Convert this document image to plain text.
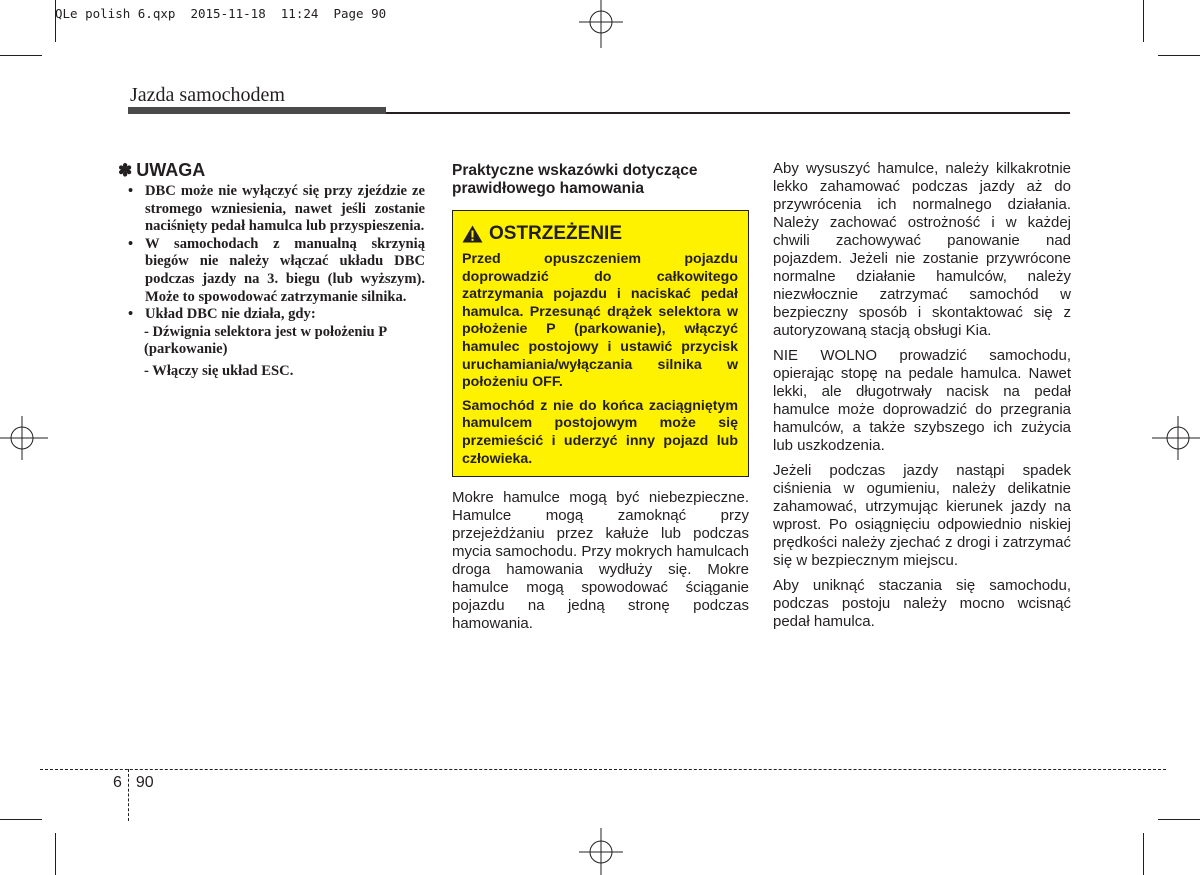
QLe polish 6.qxp  2015-11-18  11:24  Page 90
Jazda samochodem
✽ UWAGA
• DBC może nie wyłączyć się przy zjeździe ze stromego wzniesienia, nawet jeśli zostanie naciśnięty pedał hamulca lub przyspieszenia.
• W samochodach z manualną skrzynią biegów nie należy włączać układu DBC podczas jazdy na 3. biegu (lub wyższym). Może to spowodować zatrzymanie silnika.
• Układ DBC nie działa, gdy:
- Dźwignia selektora jest w położeniu P (parkowanie)
- Włączy się układ ESC.
Praktyczne wskazówki dotyczące prawidłowego hamowania
OSTRZEŻENIE

Przed opuszczeniem pojazdu doprowadzić do całkowitego zatrzymania pojazdu i naciskać pedał hamulca. Przesunąć drążek selektora w położenie P (parkowanie), włączyć hamulec postojowy i ustawić przycisk uruchamiania/wyłączania silnika w położeniu OFF.

Samochód z nie do końca zaciągniętym hamulcem postojowym może się przemieścić i uderzyć inny pojazd lub człowieka.

Mokre hamulce mogą być niebezpieczne. Hamulce mogą zamoknąć przy przejeżdżaniu przez kałuże lub podczas mycia samochodu. Przy mokrych hamulcach droga hamowania wydłuży się. Mokre hamulce mogą spowodować ściąganie pojazdu na jedną stronę podczas hamowania.

Aby wysuszyć hamulce, należy kilkakrotnie lekko zahamować podczas jazdy aż do przywrócenia ich normalnego działania. Należy zachować ostrożność i w każdej chwili zachowywać panowanie nad pojazdem. Jeżeli nie zostanie przywrócone normalne działanie hamulców, należy niezwłocznie zatrzymać samochód w bezpieczny sposób i skontaktować się z autoryzowaną stacją obsługi Kia.

NIE WOLNO prowadzić samochodu, opierając stopę na pedale hamulca. Nawet lekki, ale długotrwały nacisk na pedał hamulce może doprowadzić do przegrania hamulców, a także szybszego ich zużycia lub uszkodzenia.

Jeżeli podczas jazdy nastąpi spadek ciśnienia w ogumieniu, należy delikatnie zahamować, utrzymując kierunek jazdy na wprost. Po osiągnięciu odpowiednio niskiej prędkości należy zjechać z drogi i zatrzymać się w bezpiecznym miejscu.

Aby uniknąć staczania się samochodu, podczas postoju należy mocno wcisnąć pedał hamulca.

6 90
